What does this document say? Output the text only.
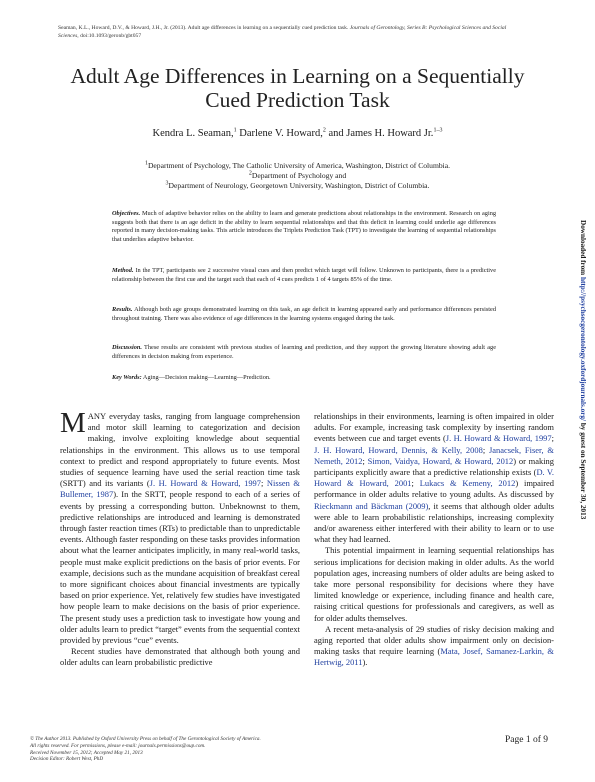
Seaman, K.L., Howard, D.V., & Howard, J.H., Jr. (2013). Adult age differences in learning on a sequentially cued prediction task. Journals of Gerontology, Series B: Psychological Sciences and Social Sciences, doi:10.1093/geronb/gbt057
Adult Age Differences in Learning on a Sequentially
Cued Prediction Task
Kendra L. Seaman,$^1$ Darlene V. Howard,$^2$ and James H. Howard Jr.$^{1-3}$
$^1$Department of Psychology, The Catholic University of America, Washington, District of Columbia.
$^2$Department of Psychology and
$^3$Department of Neurology, Georgetown University, Washington, District of Columbia.
Objectives. Much of adaptive behavior relies on the ability to learn and generate predictions about relationships in the environment. Research on aging suggests both that there is an age deficit in the ability to learn sequential relationships and that this deficit in learning could underlie age differences reported in many decision-making tasks. This article introduces the Triplets Prediction Task (TPT) to investigate the learning of sequential relationships that underlies adaptive behavior.
Method. In the TPT, participants see 2 successive visual cues and then predict which target will follow. Unknown to participants, there is a predictive relationship between the first cue and the target such that each of 4 cues predicts 1 of 4 targets 85% of the time.
Results. Although both age groups demonstrated learning on this task, an age deficit in learning appeared early and performance differences persisted throughout training. There was also evidence of age differences in the learning systems engaged during the task.
Discussion. These results are consistent with previous studies of learning and prediction, and they support the growing literature showing adult age differences in decision making from experience.
Key Words: Aging—Decision making—Learning—Prediction.

MANY everyday tasks, ranging from language comprehension and motor skill learning to categorization and decision making, involve exploiting knowledge about sequential relationships in the environment. This allows us to use temporal context to predict and respond appropriately to future events. Most studies of sequence learning have used the serial reaction time task (SRTT) and its variants (J. H. Howard & Howard, 1997; Nissen & Bullemer, 1987). In the SRTT, people respond to each of a series of events by pressing a corresponding button. Unbeknownst to them, predictive relationships are introduced and learning is demonstrated through faster reaction times (RTs) to predictable than to unpredictable events. Although faster responding on these tasks provides information about what the learner anticipates implicitly, in many real-world tasks, people must make explicit predictions on the basis of prior events. For example, decisions such as the mundane acquisition of breakfast cereal to more significant choices about financial investments are typically based on prior experience. Yet, relatively few studies have investigated how people learn to make decisions on the basis of prior experience. The present study uses a prediction task to investigate how young and older adults learn to predict “target” events from the sequential context provided by previous “cue” events.

Recent studies have demonstrated that although both young and older adults can learn probabilistic predictive

relationships in their environments, learning is often impaired in older adults. For example, increasing task complexity by inserting random events between cue and target events (J. H. Howard & Howard, 1997; J. H. Howard, Howard, Dennis, & Kelly, 2008; Janacsek, Fiser, & Nemeth, 2012; Simon, Vaidya, Howard, & Howard, 2012) or making participants explicitly aware that a predictive relationship exists (D. V. Howard & Howard, 2001; Lukacs & Kemeny, 2012) impaired performance in older adults relative to young adults. As discussed by Rieckmann and Bäckman (2009), it seems that although older adults were able to learn probabilistic relationships, increasing complexity and/or awareness either interfered with their ability to learn or to use what they had learned.

This potential impairment in learning sequential relationships has serious implications for decision making in older adults. As the world population ages, increasing numbers of older adults are being asked to take more personal responsibility for decisions where they have limited knowledge or experience, including finance and health care, raising critical questions for professionals and caregivers, as well as for older adults themselves.

A recent meta-analysis of 29 studies of risky decision making and aging reported that older adults show impairment only on decision-making tasks that require learning (Mata, Josef, Samanez-Larkin, & Hertwig, 2011).

© The Author 2013. Published by Oxford University Press on behalf of The Gerontological Society of America.
All rights reserved. For permissions, please e-mail: journals.permissions@oup.com.
Received November 15, 2012; Accepted May 21, 2013
Decision Editor: Robert West, PhD
Page 1 of 9
Downloaded from http://psychsocgerontology.oxfordjournals.org/ by guest on September 30, 2013
